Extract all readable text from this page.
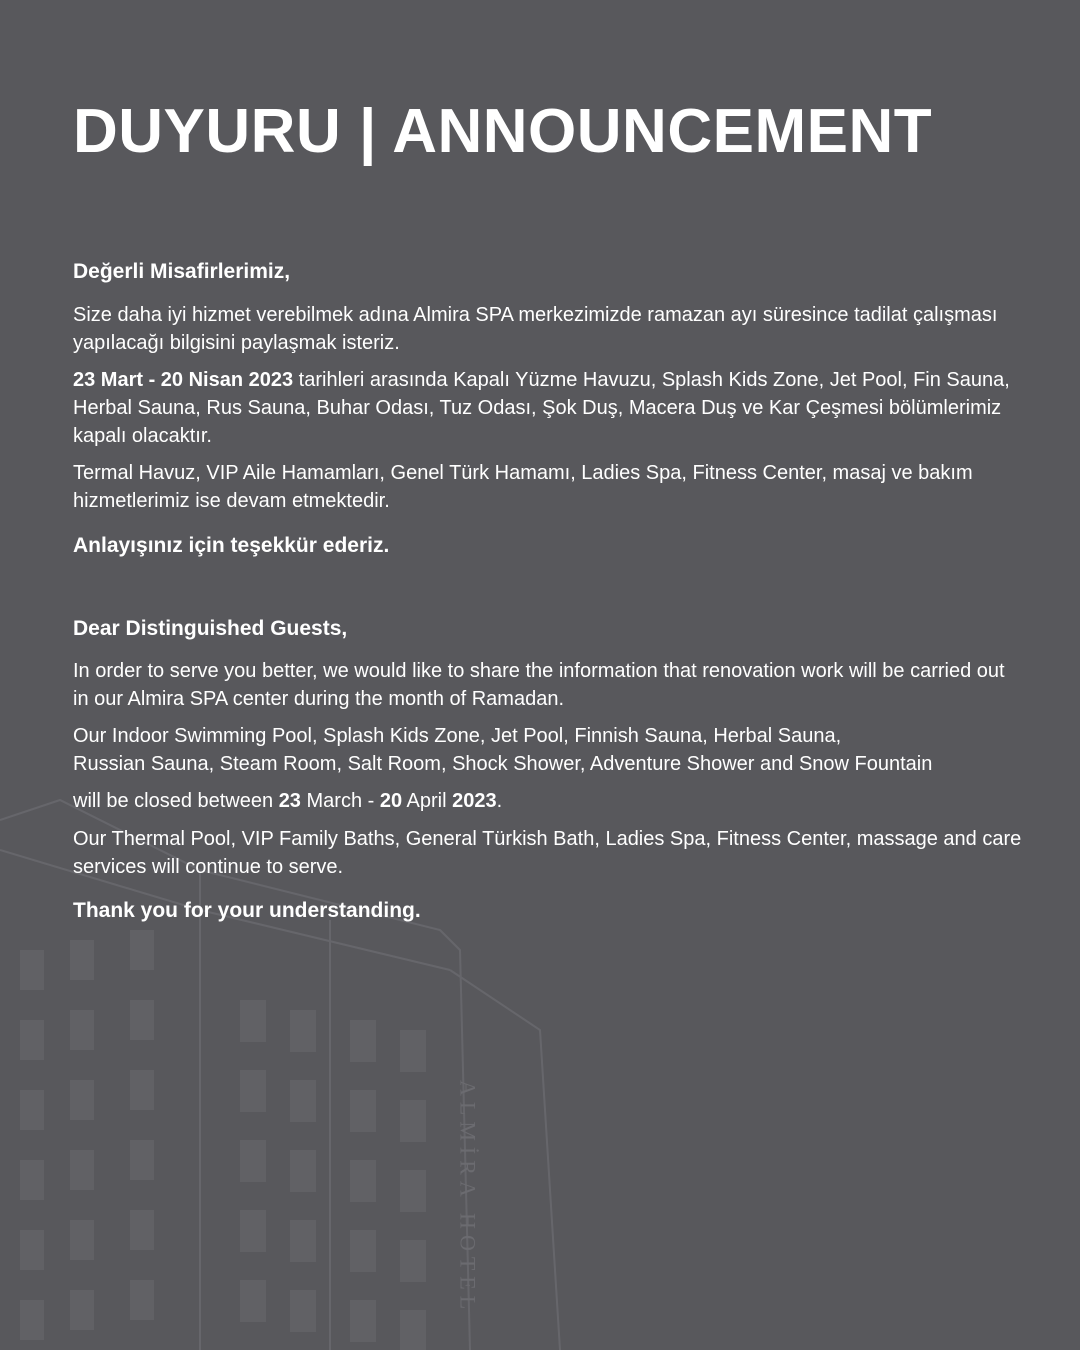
ALMİRA HOTEL
DUYURU | ANNOUNCEMENT

Değerli Misafirlerimiz,

Size daha iyi hizmet verebilmek adına Almira SPA merkezimizde ramazan ayı süresince tadilat çalışması yapılacağı bilgisini paylaşmak isteriz.

23 Mart - 20 Nisan 2023 tarihleri arasında Kapalı Yüzme Havuzu, Splash Kids Zone, Jet Pool, Fin Sauna, Herbal Sauna, Rus Sauna, Buhar Odası, Tuz Odası, Şok Duş, Macera Duş ve Kar Çeşmesi bölümlerimiz kapalı olacaktır.

Termal Havuz, VIP Aile Hamamları, Genel Türk Hamamı, Ladies Spa, Fitness Center, masaj ve bakım hizmetlerimiz ise devam etmektedir.

Anlayışınız için teşekkür ederiz.

Dear Distinguished Guests,

In order to serve you better, we would like to share the information that renovation work will be carried out in our Almira SPA center during the month of Ramadan.

Our Indoor Swimming Pool, Splash Kids Zone, Jet Pool, Finnish Sauna, Herbal Sauna,

Russian Sauna, Steam Room, Salt Room, Shock Shower, Adventure Shower and Snow Fountain

will be closed between 23 March - 20 April 2023.

Our Thermal Pool, VIP Family Baths, General Türkish Bath, Ladies Spa, Fitness Center, massage and care services will continue to serve.

Thank you for your understanding.
